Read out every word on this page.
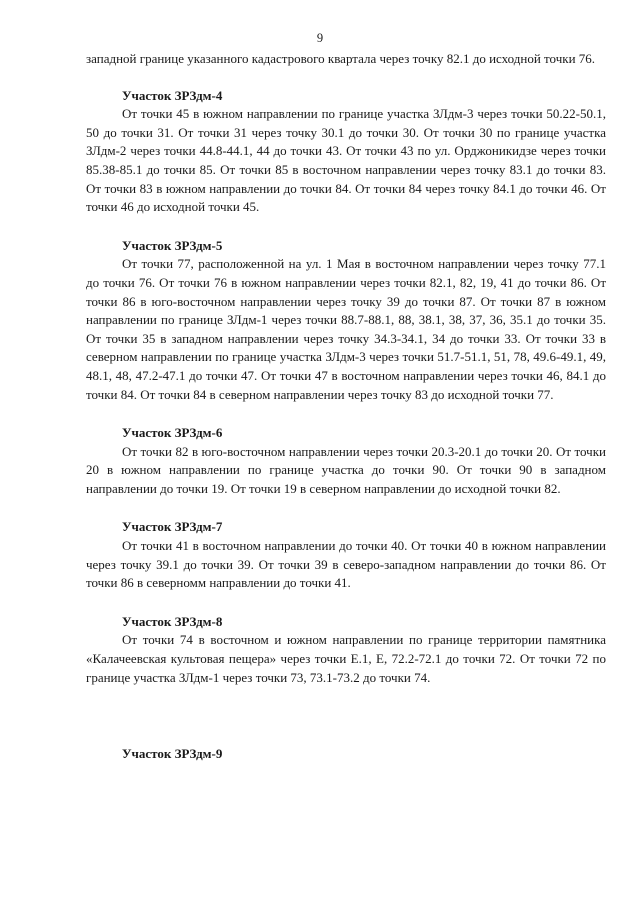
9

западной границе указанного кадастрового квартала через точку 82.1 до исходной точки 76.

Участок ЗРЗдм-4

От точки 45 в южном направлении по границе участка ЗЛдм-3 через точки 50.22-50.1, 50 до точки 31. От точки 31 через точку 30.1 до точки 30. От точки 30 по границе участка ЗЛдм-2 через точки 44.8-44.1, 44 до точки 43. От точки 43 по ул. Орджоникидзе через точки 85.38-85.1 до точки 85. От точки 85 в восточном направлении через точку 83.1 до точки 83. От точки 83 в южном направлении до точки 84. От точки 84 через точку 84.1 до точки 46. От точки 46 до исходной точки 45.

Участок ЗРЗдм-5

От точки 77, расположенной на ул. 1 Мая в восточном направлении через точку 77.1 до точки 76. От точки 76 в южном направлении через точки 82.1, 82, 19, 41 до точки 86. От точки 86 в юго-восточном направлении через точку 39 до точки 87. От точки 87 в южном направлении по границе ЗЛдм-1 через точки 88.7-88.1, 88, 38.1, 38, 37, 36, 35.1 до точки 35. От точки 35 в западном направлении через точку 34.3-34.1, 34 до точки 33. От точки 33 в северном направлении по границе участка ЗЛдм-3 через точки 51.7-51.1, 51, 78, 49.6-49.1, 49, 48.1, 48, 47.2-47.1 до точки 47. От точки 47 в восточном направлении через точки 46, 84.1 до точки 84. От точки 84 в северном направлении через точку 83 до исходной точки 77.

Участок ЗРЗдм-6

От точки 82 в юго-восточном направлении через точки 20.3-20.1 до точки 20. От точки 20 в южном направлении по границе участка до точки 90. От точки 90 в западном направлении до точки 19. От точки 19 в северном направлении до исходной точки 82.

Участок ЗРЗдм-7

От точки 41 в восточном направлении до точки 40. От точки 40 в южном направлении через точку 39.1 до точки 39. От точки 39 в северо-западном направлении до точки 86. От точки 86 в северномм направлении до точки 41.

Участок ЗРЗдм-8

От точки 74 в восточном и южном направлении по границе территории памятника «Калачеевская культовая пещера» через точки Е.1, Е, 72.2-72.1 до точки 72. От точки 72 по границе участка ЗЛдм-1 через точки 73, 73.1-73.2 до точки 74.

Участок ЗРЗдм-9
